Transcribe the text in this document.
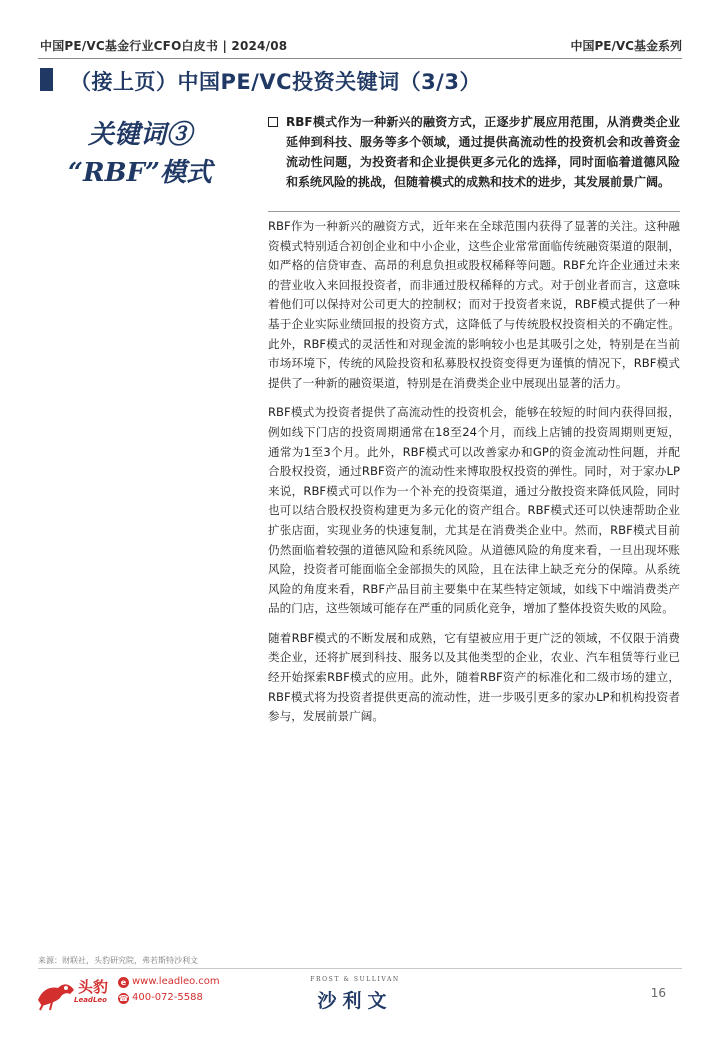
中国PE/VC基金行业CFO白皮书 | 2024/08	中国PE/VC基金系列
（接上页）中国PE/VC投资关键词（3/3）
关键词③
“RBF”模式
RBF模式作为一种新兴的融资方式，正逐步扩展应用范围，从消费类企业延伸到科技、服务等多个领域，通过提供高流动性的投资机会和改善资金流动性问题，为投资者和企业提供更多元化的选择，同时面临着道德风险和系统风险的挑战，但随着模式的成熟和技术的进步，其发展前景广阔。

RBF作为一种新兴的融资方式，近年来在全球范围内获得了显著的关注。这种融资模式特别适合初创企业和中小企业，这些企业常常面临传统融资渠道的限制，如严格的信贷审查、高昂的利息负担或股权稀释等问题。RBF允许企业通过未来的营业收入来回报投资者，而非通过股权稀释的方式。对于创业者而言，这意味着他们可以保持对公司更大的控制权；而对于投资者来说，RBF模式提供了一种基于企业实际业绩回报的投资方式，这降低了与传统股权投资相关的不确定性。此外，RBF模式的灵活性和对现金流的影响较小也是其吸引之处，特别是在当前市场环境下，传统的风险投资和私募股权投资变得更为谨慎的情况下，RBF模式提供了一种新的融资渠道，特别是在消费类企业中展现出显著的活力。

RBF模式为投资者提供了高流动性的投资机会，能够在较短的时间内获得回报，例如线下门店的投资周期通常在18至24个月，而线上店铺的投资周期则更短，通常为1至3个月。此外，RBF模式可以改善家办和GP的资金流动性问题，并配合股权投资，通过RBF资产的流动性来博取股权投资的弹性。同时，对于家办LP来说，RBF模式可以作为一个补充的投资渠道，通过分散投资来降低风险，同时也可以结合股权投资构建更为多元化的资产组合。RBF模式还可以快速帮助企业扩张店面，实现业务的快速复制，尤其是在消费类企业中。然而，RBF模式目前仍然面临着较强的道德风险和系统风险。从道德风险的角度来看，一旦出现坏账风险，投资者可能面临全金部损失的风险，且在法律上缺乏充分的保障。从系统风险的角度来看，RBF产品目前主要集中在某些特定领域，如线下中端消费类产品的门店，这些领域可能存在严重的同质化竞争，增加了整体投资失败的风险。

随着RBF模式的不断发展和成熟，它有望被应用于更广泛的领域，不仅限于消费类企业，还将扩展到科技、服务以及其他类型的企业，农业、汽车租赁等行业已经开始探索RBF模式的应用。此外，随着RBF资产的标准化和二级市场的建立，RBF模式将为投资者提供更高的流动性，进一步吸引更多的家办LP和机构投资者参与，发展前景广阔。

来源：财联社，头豹研究院，弗若斯特沙利文
头豹
LeadLeo
e www.leadleo.com
☎ 400-072-5588
FROST & SULLIVAN
沙利文	16
